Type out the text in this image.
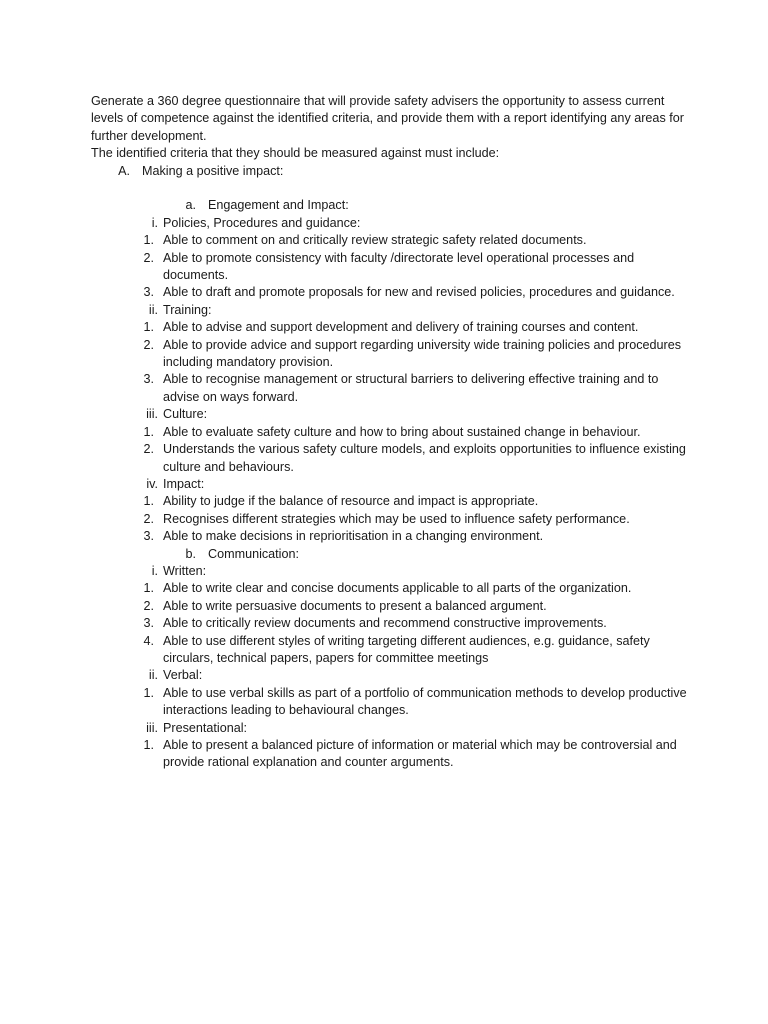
Generate a 360 degree questionnaire that will provide safety advisers the opportunity to assess current levels of competence against the identified criteria, and provide them with a report identifying any areas for further development.

The identified criteria that they should be measured against must include:

A. Making a positive impact:
a. Engagement and Impact:
i. Policies, Procedures and guidance:
1. Able to comment on and critically review strategic safety related documents.
2. Able to promote consistency with faculty /directorate level operational processes and documents.
3. Able to draft and promote proposals for new and revised policies, procedures and guidance.
ii. Training:
1. Able to advise and support development and delivery of training courses and content.
2. Able to provide advice and support regarding university wide training policies and procedures including mandatory provision.
3. Able to recognise management or structural barriers to delivering effective training and to advise on ways forward.
iii. Culture:
1. Able to evaluate safety culture and how to bring about sustained change in behaviour.
2. Understands the various safety culture models, and exploits opportunities to influence existing culture and behaviours.
iv. Impact:
1. Ability to judge if the balance of resource and impact is appropriate.
2. Recognises different strategies which may be used to influence safety performance.
3. Able to make decisions in reprioritisation in a changing environment.
b. Communication:
i. Written:
1. Able to write clear and concise documents applicable to all parts of the organization.
2. Able to write persuasive documents to present a balanced argument.
3. Able to critically review documents and recommend constructive improvements.
4. Able to use different styles of writing targeting different audiences, e.g. guidance, safety circulars, technical papers, papers for committee meetings
ii. Verbal:
1. Able to use verbal skills as part of a portfolio of communication methods to develop productive interactions leading to behavioural changes.
iii. Presentational:
1. Able to present a balanced picture of information or material which may be controversial and provide rational explanation and counter arguments.
